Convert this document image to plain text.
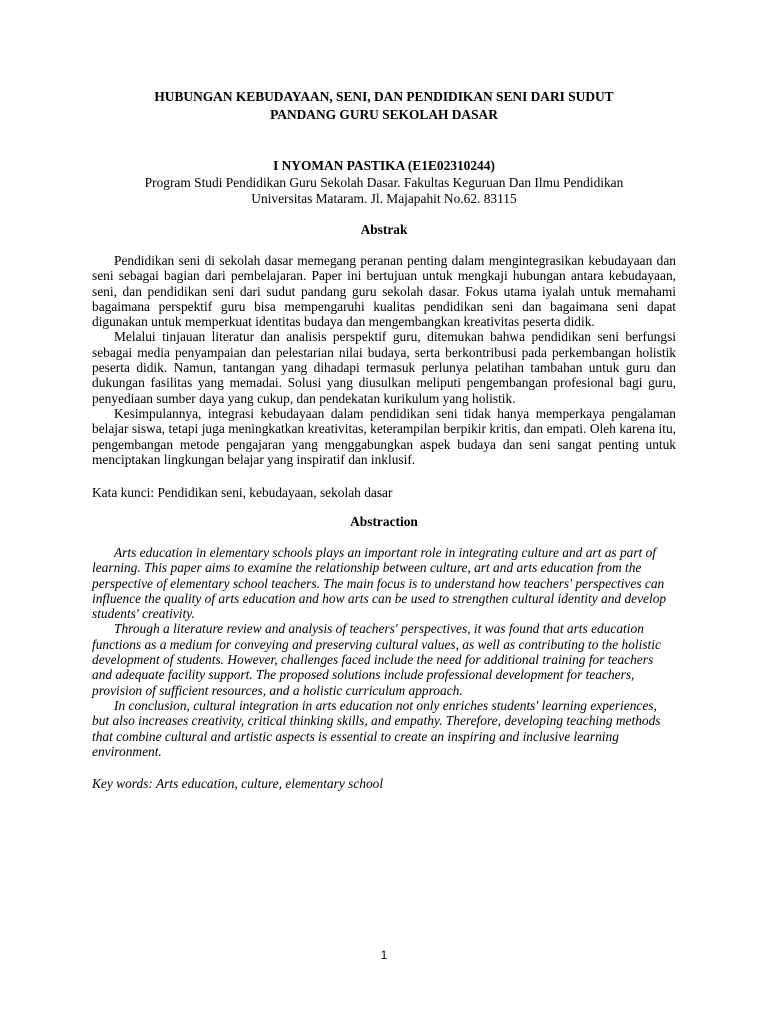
HUBUNGAN KEBUDAYAAN, SENI, DAN PENDIDIKAN SENI DARI SUDUT
PANDANG GURU SEKOLAH DASAR
I NYOMAN PASTIKA (E1E02310244)
Program Studi Pendidikan Guru Sekolah Dasar. Fakultas Keguruan Dan Ilmu Pendidikan
Universitas Mataram. Jl. Majapahit No.62. 83115
Abstrak

Pendidikan seni di sekolah dasar memegang peranan penting dalam mengintegrasikan kebudayaan dan seni sebagai bagian dari pembelajaran. Paper ini bertujuan untuk mengkaji hubungan antara kebudayaan, seni, dan pendidikan seni dari sudut pandang guru sekolah dasar. Fokus utama iyalah untuk memahami bagaimana perspektif guru bisa mempengaruhi kualitas pendidikan seni dan bagaimana seni dapat digunakan untuk memperkuat identitas budaya dan mengembangkan kreativitas peserta didik.

Melalui tinjauan literatur dan analisis perspektif guru, ditemukan bahwa pendidikan seni berfungsi sebagai media penyampaian dan pelestarian nilai budaya, serta berkontribusi pada perkembangan holistik peserta didik. Namun, tantangan yang dihadapi termasuk perlunya pelatihan tambahan untuk guru dan dukungan fasilitas yang memadai. Solusi yang diusulkan meliputi pengembangan profesional bagi guru, penyediaan sumber daya yang cukup, dan pendekatan kurikulum yang holistik.

Kesimpulannya, integrasi kebudayaan dalam pendidikan seni tidak hanya memperkaya pengalaman belajar siswa, tetapi juga meningkatkan kreativitas, keterampilan berpikir kritis, dan empati. Oleh karena itu, pengembangan metode pengajaran yang menggabungkan aspek budaya dan seni sangat penting untuk menciptakan lingkungan belajar yang inspiratif dan inklusif.

Kata kunci: Pendidikan seni, kebudayaan, sekolah dasar
Abstraction

Arts education in elementary schools plays an important role in integrating culture and art as part of learning. This paper aims to examine the relationship between culture, art and arts education from the perspective of elementary school teachers. The main focus is to understand how teachers' perspectives can influence the quality of arts education and how arts can be used to strengthen cultural identity and develop students' creativity.

Through a literature review and analysis of teachers' perspectives, it was found that arts education functions as a medium for conveying and preserving cultural values, as well as contributing to the holistic development of students. However, challenges faced include the need for additional training for teachers and adequate facility support. The proposed solutions include professional development for teachers, provision of sufficient resources, and a holistic curriculum approach.

In conclusion, cultural integration in arts education not only enriches students' learning experiences, but also increases creativity, critical thinking skills, and empathy. Therefore, developing teaching methods that combine cultural and artistic aspects is essential to create an inspiring and inclusive learning environment.

Key words: Arts education, culture, elementary school
1
